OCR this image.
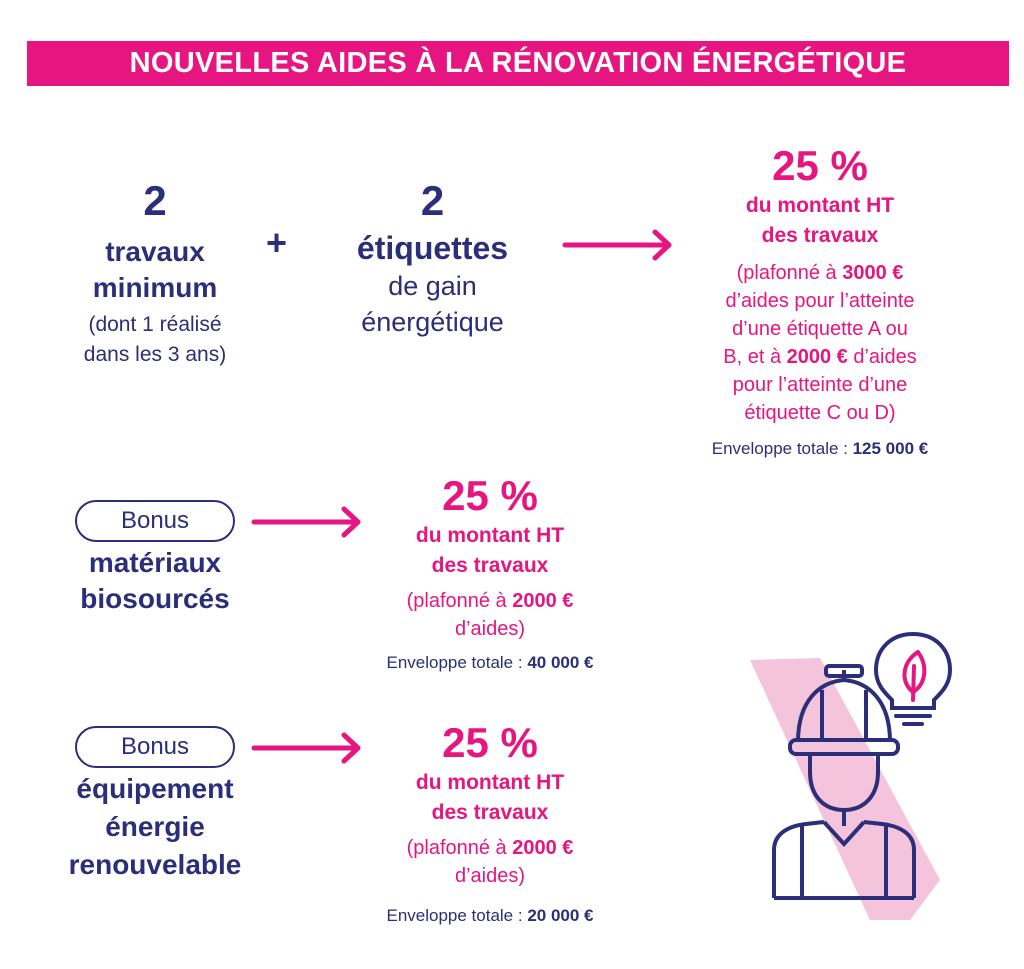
NOUVELLES AIDES À LA RÉNOVATION ÉNERGÉTIQUE
2
travaux
minimum
(dont 1 réalisé
dans les 3 ans)
+
2
étiquettes
de gain
énergétique
25 %
du montant HT
des travaux
(plafonné à 3000 €
d’aides pour l’atteinte
d’une étiquette A ou
B, et à 2000 € d’aides
pour l’atteinte d’une
étiquette C ou D)
Enveloppe totale : 125 000 €
Bonus
matériaux
biosourcés
25 %
du montant HT
des travaux
(plafonné à 2000 €
d’aides)
Enveloppe totale : 40 000 €
Bonus
équipement
énergie
renouvelable
25 %
du montant HT
des travaux
(plafonné à 2000 €
d’aides)
Enveloppe totale : 20 000 €
